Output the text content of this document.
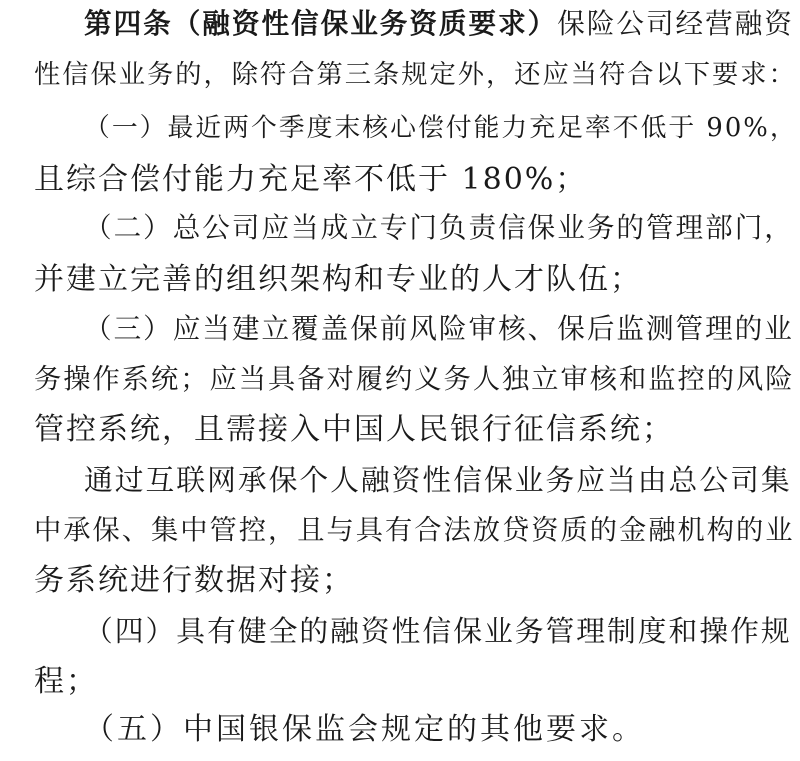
第四条（融资性信保业务资质要求）保险公司经营融资
性信保业务的，除符合第三条规定外，还应当符合以下要求：
（一）最近两个季度末核心偿付能力充足率不低于 90%，
且综合偿付能力充足率不低于 180%；
（二）总公司应当成立专门负责信保业务的管理部门，
并建立完善的组织架构和专业的人才队伍；
（三）应当建立覆盖保前风险审核、保后监测管理的业
务操作系统；应当具备对履约义务人独立审核和监控的风险
管控系统，且需接入中国人民银行征信系统；
通过互联网承保个人融资性信保业务应当由总公司集
中承保、集中管控，且与具有合法放贷资质的金融机构的业
务系统进行数据对接；
（四）具有健全的融资性信保业务管理制度和操作规
程；
（五）中国银保监会规定的其他要求。
